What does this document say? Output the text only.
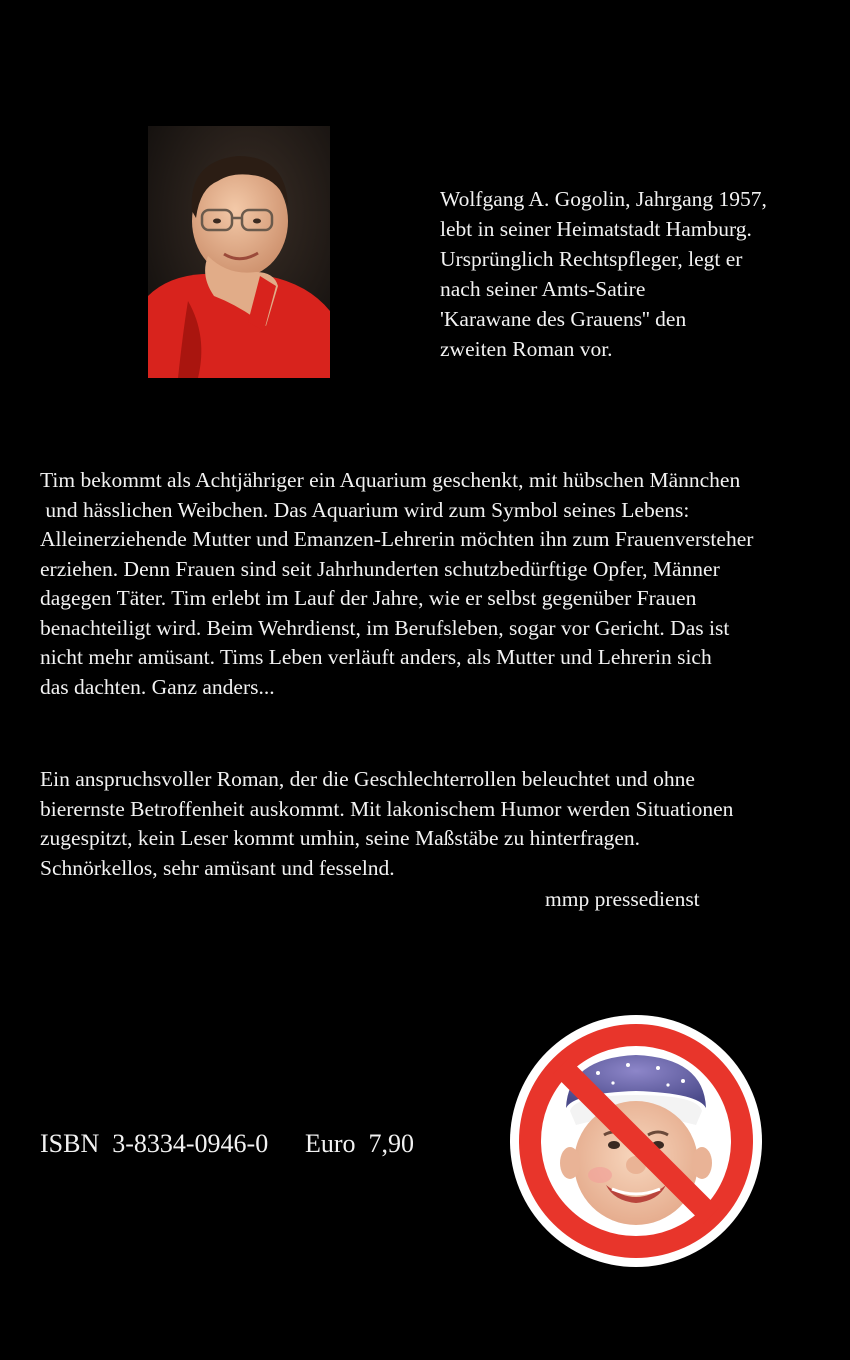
Wolfgang A. Gogolin, Jahrgang 1957,
lebt in seiner Heimatstadt Hamburg.
Ursprünglich Rechtspfleger, legt er
nach seiner Amts-Satire
'Karawane des Grauens'' den
zweiten Roman vor.
Tim bekommt als Achtjähriger ein Aquarium geschenkt, mit hübschen Männchen
und hässlichen Weibchen. Das Aquarium wird zum Symbol seines Lebens:
Alleinerziehende Mutter und Emanzen-Lehrerin möchten ihn zum Frauenversteher
erziehen. Denn Frauen sind seit Jahrhunderten schutzbedürftige Opfer, Männer
dagegen Täter. Tim erlebt im Lauf der Jahre, wie er selbst gegenüber Frauen
benachteiligt wird. Beim Wehrdienst, im Berufsleben, sogar vor Gericht. Das ist
nicht mehr amüsant. Tims Leben verläuft anders, als Mutter und Lehrerin sich
das dachten. Ganz anders...
Ein anspruchsvoller Roman, der die Geschlechterrollen beleuchtet und ohne
bierernste Betroffenheit auskommt. Mit lakonischem Humor werden Situationen
zugespitzt, kein Leser kommt umhin, seine Maßstäbe zu hinterfragen.
Schnörkellos, sehr amüsant und fesselnd.
mmp pressedienst
ISBN  3-8334-0946-0 Euro  7,90
